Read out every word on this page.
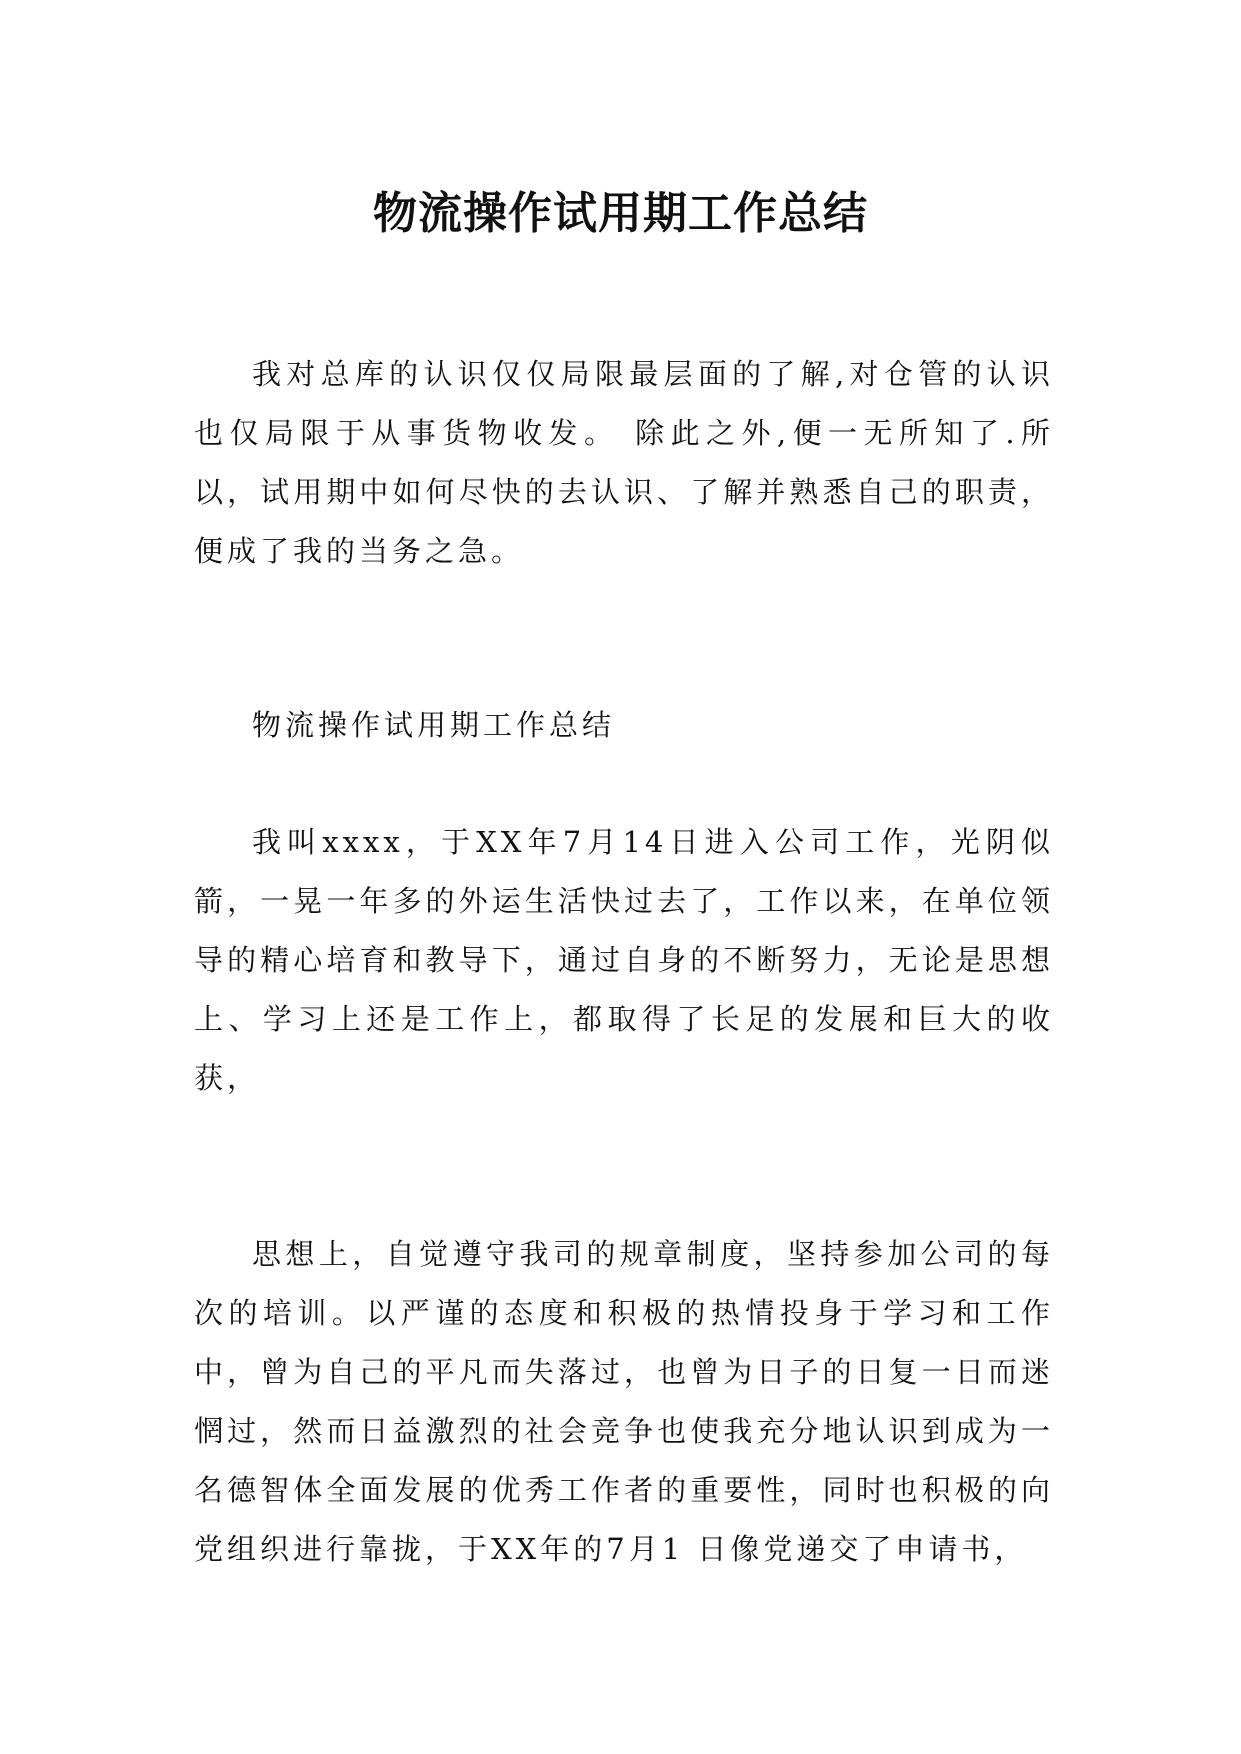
物流操作试用期工作总结

我对总库的认识仅仅局限最层面的了解,对仓管的认识也仅局限于从事货物收发。 除此之外,便一无所知了.所以，试用期中如何尽快的去认识、了解并熟悉自己的职责，便成了我的当务之急。

物流操作试用期工作总结

我叫xxxx，于XX年7月14日进入公司工作，光阴似箭，一晃一年多的外运生活快过去了，工作以来，在单位领导的精心培育和教导下，通过自身的不断努力，无论是思想上、学习上还是工作上，都取得了长足的发展和巨大的收获，

思想上，自觉遵守我司的规章制度，坚持参加公司的每次的培训。以严谨的态度和积极的热情投身于学习和工作中，曾为自己的平凡而失落过，也曾为日子的日复一日而迷惘过，然而日益激烈的社会竞争也使我充分地认识到成为一名德智体全面发展的优秀工作者的重要性，同时也积极的向党组织进行靠拢，于XX年的7月1 日像党递交了申请书，
